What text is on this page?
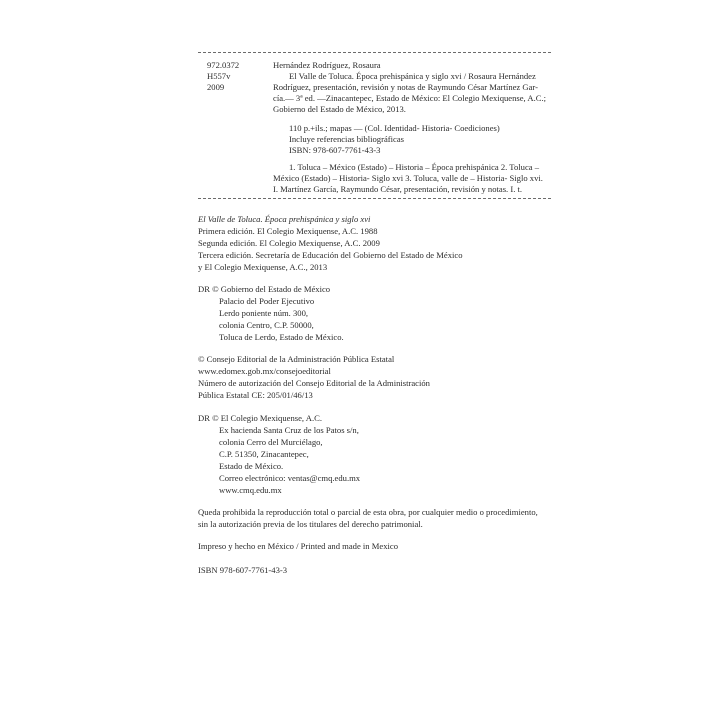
972.0372
H557v
2009
Hernández Rodríguez, Rosaura
El Valle de Toluca. Época prehispánica y siglo xvi / Rosaura Hernández
Rodríguez, presentación, revisión y notas de Raymundo César Martínez Gar-
cía.— 3ª ed. —Zinacantepec, Estado de México: El Colegio Mexiquense, A.C.;
Gobierno del Estado de México, 2013.
110 p.+ils.; mapas — (Col. Identidad- Historia- Coediciones)
Incluye referencias bibliográficas
ISBN: 978-607-7761-43-3
1. Toluca – México (Estado) – Historia – Época prehispánica 2. Toluca –
México (Estado) – Historia- Siglo xvi 3. Toluca, valle de – Historia- Siglo xvi.
I. Martínez García, Raymundo César, presentación, revisión y notas. I. t.
El Valle de Toluca. Época prehispánica y siglo xvi
Primera edición. El Colegio Mexiquense, A.C. 1988
Segunda edición. El Colegio Mexiquense, A.C. 2009
Tercera edición. Secretaría de Educación del Gobierno del Estado de México
y El Colegio Mexiquense, A.C., 2013
DR © Gobierno del Estado de México
Palacio del Poder Ejecutivo
Lerdo poniente núm. 300,
colonia Centro, C.P. 50000,
Toluca de Lerdo, Estado de México.
© Consejo Editorial de la Administración Pública Estatal
www.edomex.gob.mx/consejoeditorial
Número de autorización del Consejo Editorial de la Administración
Pública Estatal CE: 205/01/46/13
DR © El Colegio Mexiquense, A.C.
Ex hacienda Santa Cruz de los Patos s/n,
colonia Cerro del Murciélago,
C.P. 51350, Zinacantepec,
Estado de México.
Correo electrónico: ventas@cmq.edu.mx
www.cmq.edu.mx
Queda prohibida la reproducción total o parcial de esta obra, por cualquier medio o procedimiento,
sin la autorización previa de los titulares del derecho patrimonial.
Impreso y hecho en México / Printed and made in Mexico
ISBN 978-607-7761-43-3
